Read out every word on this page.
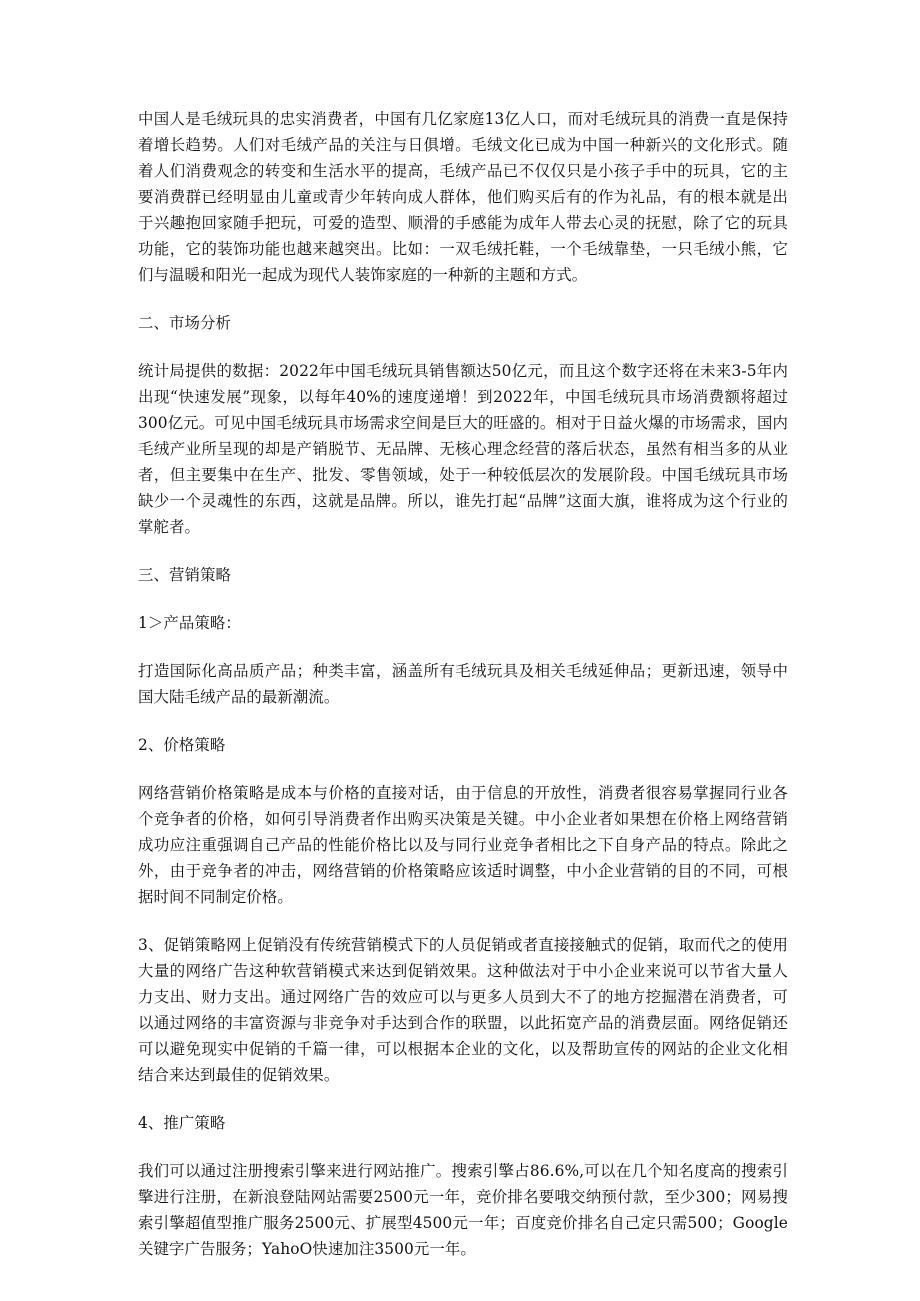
中国人是毛绒玩具的忠实消费者，中国有几亿家庭13亿人口，而对毛绒玩具的消费一直是保持着增长趋势。人们对毛绒产品的关注与日俱增。毛绒文化已成为中国一种新兴的文化形式。随着人们消费观念的转变和生活水平的提高，毛绒产品已不仅仅只是小孩子手中的玩具，它的主要消费群已经明显由儿童或青少年转向成人群体，他们购买后有的作为礼品，有的根本就是出于兴趣抱回家随手把玩，可爱的造型、顺滑的手感能为成年人带去心灵的抚慰，除了它的玩具功能，它的装饰功能也越来越突出。比如：一双毛绒托鞋，一个毛绒靠垫，一只毛绒小熊，它们与温暖和阳光一起成为现代人装饰家庭的一种新的主题和方式。

二、市场分析

统计局提供的数据：2022年中国毛绒玩具销售额达50亿元，而且这个数字还将在未来3-5年内出现“快速发展”现象，以每年40%的速度递增！到2022年，中国毛绒玩具市场消费额将超过300亿元。可见中国毛绒玩具市场需求空间是巨大的旺盛的。相对于日益火爆的市场需求，国内毛绒产业所呈现的却是产销脱节、无品牌、无核心理念经营的落后状态，虽然有相当多的从业者，但主要集中在生产、批发、零售领域，处于一种较低层次的发展阶段。中国毛绒玩具市场缺少一个灵魂性的东西，这就是品牌。所以，谁先打起“品牌”这面大旗，谁将成为这个行业的掌舵者。

三、营销策略

1＞产品策略：

打造国际化高品质产品；种类丰富，涵盖所有毛绒玩具及相关毛绒延伸品；更新迅速，领导中国大陆毛绒产品的最新潮流。

2、价格策略

网络营销价格策略是成本与价格的直接对话，由于信息的开放性，消费者很容易掌握同行业各个竞争者的价格，如何引导消费者作出购买决策是关键。中小企业者如果想在价格上网络营销成功应注重强调自己产品的性能价格比以及与同行业竞争者相比之下自身产品的特点。除此之外，由于竞争者的冲击，网络营销的价格策略应该适时调整，中小企业营销的目的不同，可根据时间不同制定价格。

3、促销策略网上促销没有传统营销模式下的人员促销或者直接接触式的促销，取而代之的使用大量的网络广告这种软营销模式来达到促销效果。这种做法对于中小企业来说可以节省大量人力支出、财力支出。通过网络广告的效应可以与更多人员到大不了的地方挖掘潜在消费者，可以通过网络的丰富资源与非竞争对手达到合作的联盟，以此拓宽产品的消费层面。网络促销还可以避免现实中促销的千篇一律，可以根据本企业的文化，以及帮助宣传的网站的企业文化相结合来达到最佳的促销效果。

4、推广策略

我们可以通过注册搜索引擎来进行网站推广。搜索引擎占86.6%,可以在几个知名度高的搜索引擎进行注册，在新浪登陆网站需要2500元一年，竞价排名要哦交纳预付款，至少300；网易搜索引擎超值型推广服务2500元、扩展型4500元一年；百度竞价排名自己定只需500；Google关键字广告服务；YahoO快速加注3500元一年。
